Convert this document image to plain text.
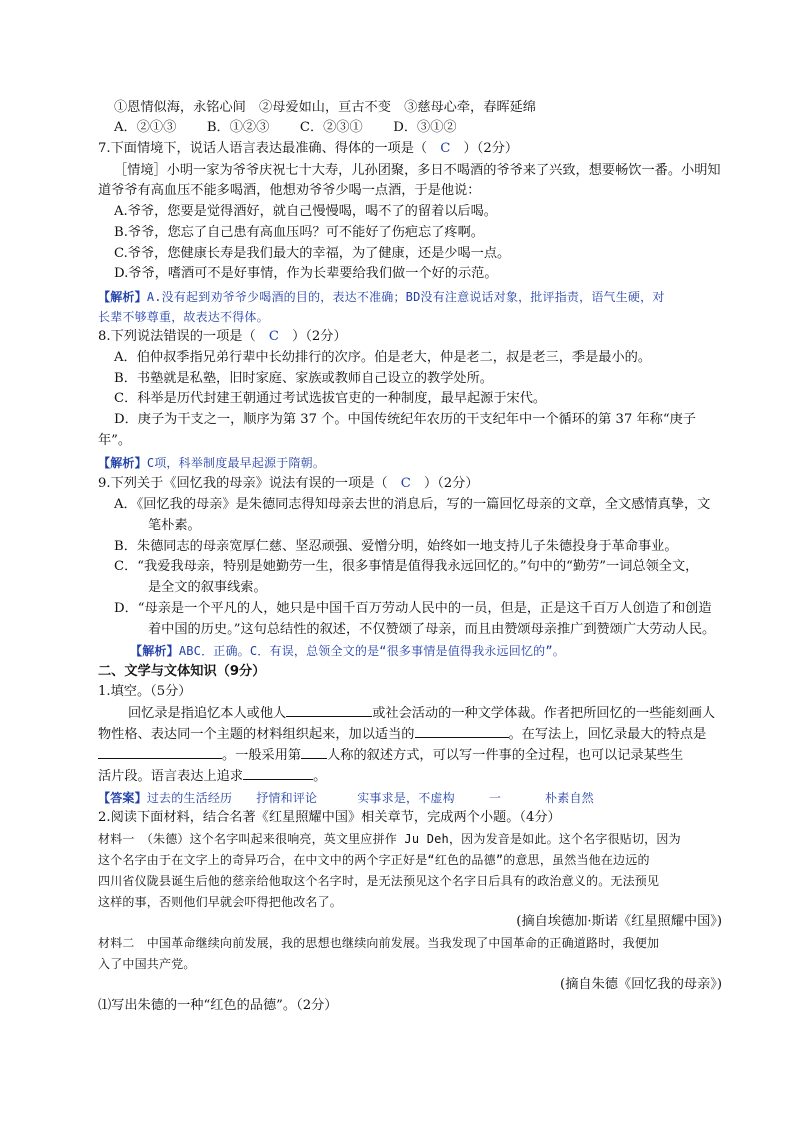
①恩情似海，永铭心间　②母爱如山，亘古不变　③慈母心牵，春晖延绵
A．②①③　　 B．①②③　　 C．②③①　　 D．③①②
7.下面情境下，说话人语言表达最准确、得体的一项是（　C　）（2分）
［情境］小明一家为爷爷庆祝七十大寿，儿孙团聚，多日不喝酒的爷爷来了兴致，想要畅饮一番。小明知
道爷爷有高血压不能多喝酒，他想劝爷爷少喝一点酒，于是他说：
A.爷爷，您要是觉得酒好，就自己慢慢喝，喝不了的留着以后喝。
B.爷爷，您忘了自己患有高血压吗？可不能好了伤疤忘了疼啊。
C.爷爷，您健康长寿是我们最大的幸福，为了健康，还是少喝一点。
D.爷爷，嗜酒可不是好事情，作为长辈要给我们做一个好的示范。
【解析】A.没有起到劝爷爷少喝酒的目的，表达不准确；BD没有注意说话对象，批评指责，语气生硬，对
长辈不够尊重，故表达不得体。
8.下列说法错误的一项是（　C　）（2分）
A．伯仲叔季指兄弟行辈中长幼排行的次序。伯是老大，仲是老二，叔是老三，季是最小的。
B．书塾就是私塾，旧时家庭、家族或教师自己设立的教学处所。
C．科举是历代封建王朝通过考试选拔官吏的一种制度，最早起源于宋代。
D．庚子为干支之一，顺序为第 37 个。中国传统纪年农历的干支纪年中一个循环的第 37 年称“庚子
年”。
【解析】C项，科举制度最早起源于隋朝。
9.下列关于《回忆我的母亲》说法有误的一项是（　C　）（2分）
A．《回忆我的母亲》是朱德同志得知母亲去世的消息后，写的一篇回忆母亲的文章，全文感情真挚，文
笔朴素。
B．朱德同志的母亲宽厚仁慈、坚忍顽强、爱憎分明，始终如一地支持儿子朱德投身于革命事业。
C．“我爱我母亲，特别是她勤劳一生，很多事情是值得我永远回忆的。”句中的“勤劳”一词总领全文，
是全文的叙事线索。
D．“母亲是一个平凡的人，她只是中国千百万劳动人民中的一员，但是，正是这千百万人创造了和创造
着中国的历史。”这句总结性的叙述，不仅赞颂了母亲，而且由赞颂母亲推广到赞颂广大劳动人民。
【解析】ABC．正确。C．有误，总领全文的是“很多事情是值得我永远回忆的”。
二、文学与文体知识（9分）
1.填空。（5分）
回忆录是指追忆本人或他人	或社会活动的一种文学体裁。作者把所回忆的一些能刻画人
物性格、表达同一个主题的材料组织起来，加以适当的	。在写法上，回忆录最大的特点是
。一般采用第 人称的叙述方式，可以写一件事的全过程，也可以记录某些生
活片段。语言表达上追求	。
【答案】过去的生活经历 抒情和评论	实事求是，不虚构	一	朴素自然
2.阅读下面材料，结合名著《红星照耀中国》相关章节，完成两个小题。（4分）
材料一　（朱德）这个名字叫起来很响亮，英文里应拼作 Ju Deh，因为发音是如此。这个名字很贴切，因为
这个名字由于在文字上的奇异巧合，在中文中的两个字正好是“红色的品德”的意思，虽然当他在边远的
四川省仪陇县诞生后他的慈亲给他取这个名字时，是无法预见这个名字日后具有的政治意义的。无法预见
这样的事，否则他们早就会吓得把他改名了。
(摘自埃德加·斯诺《红星照耀中国》)
材料二　中国革命继续向前发展，我的思想也继续向前发展。当我发现了中国革命的正确道路时，我便加
入了中国共产党。
(摘自朱德《回忆我的母亲》)
⑴写出朱德的一种“红色的品德”。（2分）
